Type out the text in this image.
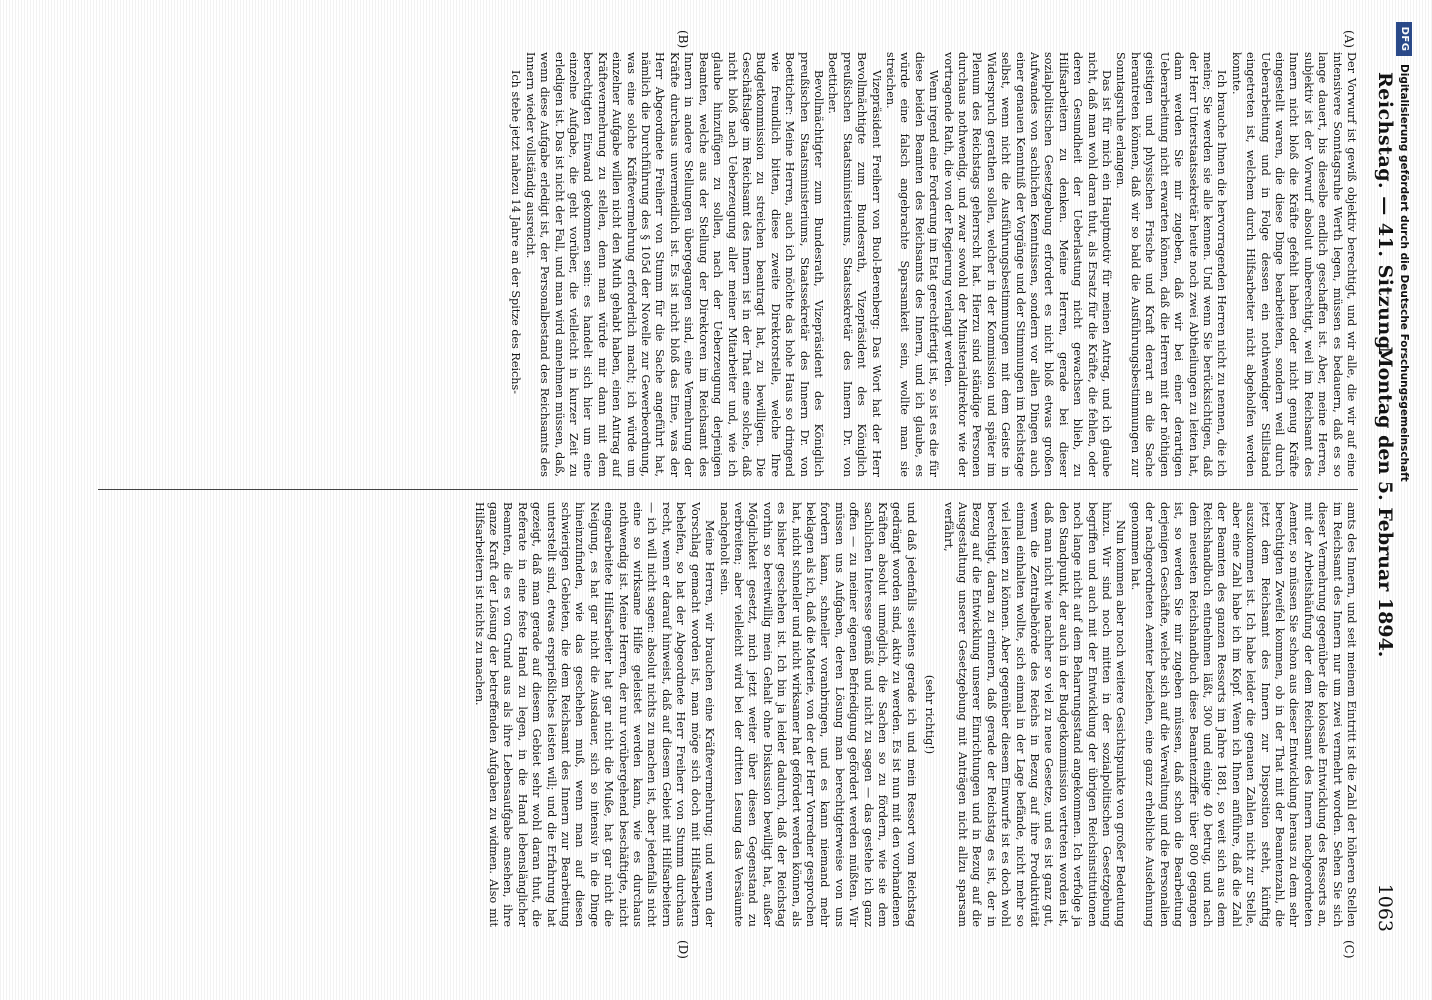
Reichstag. — 41. Sitzung.
Montag den 5. Februar 1894.
1063

Der Vorwurf ist gewiß objektiv berechtigt, und wir alle, die wir auf eine intensivere Sonntagsruhe Werth legen, müssen es bedauern, daß es so lange dauert, bis dieselbe endlich geschaffen ist. Aber, meine Herren, subjektiv ist der Vorwurf absolut unberechtigt, weil im Reichsamt des Innern nicht bloß die Kräfte gefehlt haben oder nicht genug Kräfte eingestellt waren, die diese Dinge bearbeiteten, sondern weil durch Ueberarbeitung und in Folge dessen ein nothwendiger Stillstand eingetreten ist, welchem durch Hilfsarbeiter nicht abgeholfen werden konnte.

Ich brauche Ihnen die hervorragenden Herren nicht zu nennen, die ich meine; Sie werden sie alle kennen. Und wenn Sie berücksichtigen, daß der Herr Unterstaatssekretär heute noch zwei Abtheilungen zu leiten hat, dann werden Sie mir zugeben, daß wir bei einer derartigen Ueberarbeitung nicht erwarten können, daß die Herren mit der nöthigen geistigen und physischen Frische und Kraft derart an die Sache herantreten können, daß wir so bald die Ausführungsbestimmungen zur Sonntagsruhe erlangen.

Das ist für mich ein Hauptmotiv für meinen Antrag, und ich glaube nicht, daß man wohl daran thut, als Ersatz für die Kräfte, die fehlen, oder deren Gesundheit der Ueberlastung nicht gewachsen blieb, zu Hilfsarbeitern zu denken. Meine Herren, gerade bei dieser sozialpolitischen Gesetzgebung erfordert es nicht bloß etwas großen Aufwandes von sachlichen Kenntnissen, sondern vor allen Dingen auch einer genauen Kenntniß der Vorgänge und der Stimmungen im Reichstage selbst, wenn nicht die Ausführungsbestimmungen mit dem Geiste in Widerspruch gerathen sollen, welcher in der Kommission und später im Plenum des Reichstags geherrscht hat. Hierzu sind ständige Personen durchaus nothwendig, und zwar sowohl der Ministerialdirektor wie der vortragende Rath, die von der Regierung verlangt werden.

Wenn irgend eine Forderung im Etat gerechtfertigt ist, so ist es die für diese beiden Beamten des Reichsamts des Innern, und ich glaube, es würde eine falsch angebrachte Sparsamkeit sein, wollte man sie streichen.

Vizepräsident Freiherr von Buol-Berenberg: Das Wort hat der Herr Bevollmächtigte zum Bundesrath, Vizepräsident des Königlich preußischen Staatsministeriums, Staatssekretär des Innern Dr. von Boetticher.

Bevollmächtigter zum Bundesrath, Vizepräsident des Königlich preußischen Staatsministeriums, Staatssekretär des Innern Dr. von Boetticher: Meine Herren, auch ich möchte das hohe Haus so dringend wie freundlich bitten, diese zweite Direktorstelle, welche Ihre Budgetkommission zu streichen beantragt hat, zu bewilligen. Die Geschäftslage im Reichsamt des Innern ist in der That eine solche, daß nicht bloß nach Ueberzeugung aller meiner Mitarbeiter und, wie ich glaube hinzufügen zu sollen, nach der Ueberzeugung derjenigen Beamten, welche aus der Stellung der Direktoren im Reichsamt des Innern in andere Stellungen übergegangen sind, eine Vermehrung der Kräfte durchaus unvermeidlich ist. Es ist nicht bloß das Eine, was der Herr Abgeordnete Freiherr von Stumm für die Sache angeführt hat, nämlich die Durchführung des § 105d der Novelle zur Gewerbeordnung, was eine solche Kräftevermehrung erforderlich macht; ich würde um einzelner Aufgabe willen nicht den Muth gehabt haben, einen Antrag auf Kräftevermehrung zu stellen, denn man würde mir dann mit dem berechtigten Einwand gekommen sein: es handelt sich hier um eine einzelne Aufgabe, die geht vorüber, die vielleicht in kurzer Zeit zu erledigen ist. Das ist nicht der Fall, und man wird annehmen müssen, daß, wenn diese Aufgabe erledigt ist, der Personalbestand des Reichsamts des Innern wieder vollständig ausreicht.

Ich stehe jetzt nahezu 14 Jahre an der Spitze des Reichs-

amts des Innern, und seit meinem Eintritt ist die Zahl der höheren Stellen im Reichsamt des Innern nur um zwei vermehrt worden. Sehen Sie sich dieser Vermehrung gegenüber die kolossale Entwicklung des Ressorts an, mit der Arbeitshäufung der dem Reichsamt des Innern nachgeordneten Aemter, so müssen Sie schon aus dieser Entwicklung heraus zu dem sehr berechtigten Zweifel kommen, ob in der That mit der Beamtenzahl, die jetzt dem Reichsamt des Innern zur Disposition steht, künftig auszukommen ist. Ich habe leider die genauen Zahlen nicht zur Stelle, aber eine Zahl habe ich im Kopf. Wenn ich Ihnen anführe, daß die Zahl der Beamten des ganzen Ressorts im Jahre 1881, so weit sich aus dem Reichshandbuch entnehmen läßt, 300 und einige 40 betrug, und nach dem neuesten Reichshandbuch diese Beamtenziffer über 800 gegangen ist, so werden Sie mir zugeben müssen, daß schon die Bearbeitung derjenigen Geschäfte, welche sich auf die Verwaltung und die Personalien der nachgeordneten Aemter beziehen, eine ganz erhebliche Ausdehnung genommen hat.

Nun kommen aber noch weitere Gesichtspunkte von großer Bedeutung hinzu. Wir sind noch mitten in der sozialpolitischen Gesetzgebung begriffen und auch mit der Entwicklung der übrigen Reichsinstitutionen noch lange nicht auf dem Beharrungsstand angekommen. Ich verfolge ja den Standpunkt, der auch in der Budgetkommission vertreten worden ist, daß man nicht wie nachher so viel zu neue Gesetze, und es ist ganz gut, wenn die Zentralbehörde des Reichs in Bezug auf ihre Produktivität einmal einhalten wollte, sich einmal in der Lage befände, nicht mehr so viel leisten zu können. Aber gegenüber diesem Einwurfe ist es doch wohl berechtigt, daran zu erinnern, daß gerade der Reichstag es ist, der in Bezug auf die Entwicklung unserer Einrichtungen und in Bezug auf die Ausgestaltung unserer Gesetzgebung mit Anträgen nicht allzu sparsam verfährt,

(sehr richtig!)

und daß jedenfalls seitens gerade ich und mein Ressort vom Reichstag gedrängt worden sind, aktiv zu werden. Es ist nun mit den vorhandenen Kräften absolut unmöglich, die Sachen so zu fördern, wie sie dem sachlichen Interesse gemäß und nicht zu sagen — das gestehe ich ganz offen — zu meiner eigenen Befriedigung gefördert werden müßten. Wir müssen uns Aufgaben, deren Lösung man berechtigterweise von uns fordern kann, schneller voranbringen, und es kann niemand mehr beklagen als ich, daß die Materie, von der der Herr Vorredner gesprochen hat, nicht schneller und nicht wirksamer hat gefördert werden können, als es bisher geschehen ist. Ich bin ja leider dadurch, daß der Reichstag vorhin so bereitwillig mein Gehalt ohne Diskussion bewilligt hat, außer Möglichkeit gesetzt, mich jetzt weiter über diesen Gegenstand zu verbreiten; aber vielleicht wird bei der dritten Lesung das Versäumte nachgeholt sein.

Meine Herren, wir brauchen eine Kräftevermehrung; und wenn der Vorschlag gemacht worden ist, man möge sich doch mit Hilfsarbeitern behelfen, so hat der Abgeordnete Herr Freiherr von Stumm durchaus recht, wenn er darauf hinweist, daß auf diesem Gebiet mit Hilfsarbeitern — ich will nicht sagen: absolut nichts zu machen ist, aber jedenfalls nicht eine so wirksame Hilfe geleistet werden kann, wie es durchaus nothwendig ist. Meine Herren, der nur vorübergehend beschäftigte, nicht eingearbeitete Hilfsarbeiter hat gar nicht die Muße, hat gar nicht die Neigung, es hat gar nicht die Ausdauer, sich so intensiv in die Dinge hineinzufinden, wie das geschehen muß, wenn man auf diesen schwierigen Gebieten, die dem Reichsamt des Innern zur Bearbeitung unterstellt sind, etwas ersprießliches leisten will; und die Erfahrung hat gezeigt, daß man gerade auf diesem Gebiet sehr wohl daran thut, die Referate in eine feste Hand zu legen, in die Hand lebenslänglicher Beamten, die es von Grund aus als ihre Lebensaufgabe ansehen, ihre ganze Kraft der Lösung der betreffenden Aufgaben zu widmen. Also mit Hilfsarbeitern ist nichts zu machen.

(A)
(B)
(C)
(D)
DFG
Digitalisierung gefördert durch die Deutsche Forschungsgemeinschaft
